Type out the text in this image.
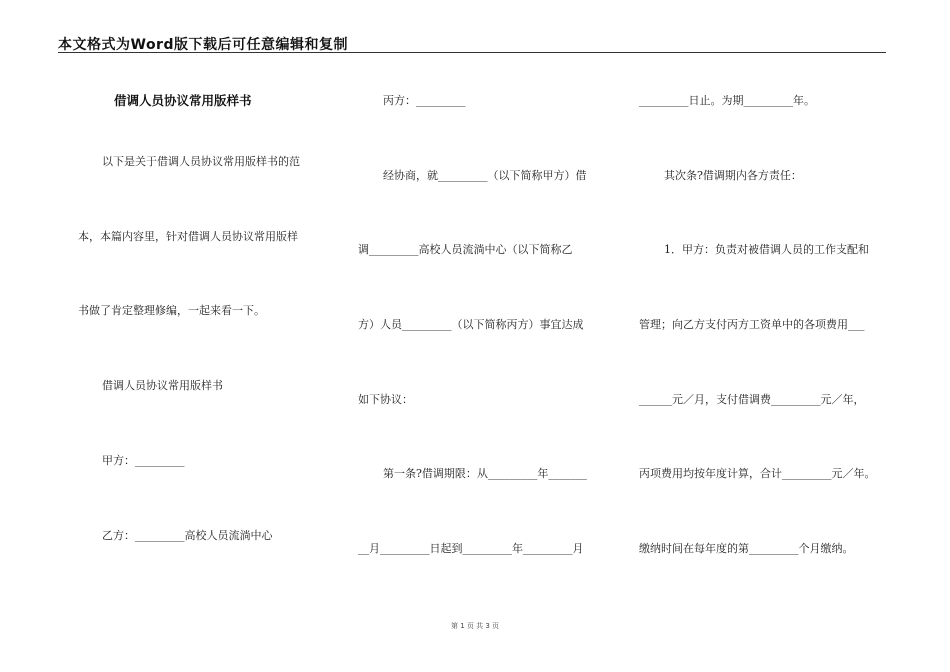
本文格式为Word版下载后可任意编辑和复制
借调人员协议常用版样书
以下是关于借调人员协议常用版样书的范
本，本篇内容里，针对借调人员协议常用版样
书做了肯定整理修编，一起来看一下。
借调人员协议常用版样书
甲方：_________
乙方：_________高校人员流淌中心
丙方：_________
经协商，就_________（以下简称甲方）借
调_________高校人员流淌中心（以下简称乙
方）人员_________（以下简称丙方）事宜达成
如下协议：
第一条?借调期限：从_________年_______
__月_________日起到_________年_________月
_________日止。为期_________年。
其次条?借调期内各方责任：
1．甲方：负责对被借调人员的工作支配和
管理；向乙方支付丙方工资单中的各项费用___
______元／月，支付借调费_________元／年，
丙项费用均按年度计算，合计_________元／年。
缴纳时间在每年度的第_________个月缴纳。
第 1 页 共 3 页
